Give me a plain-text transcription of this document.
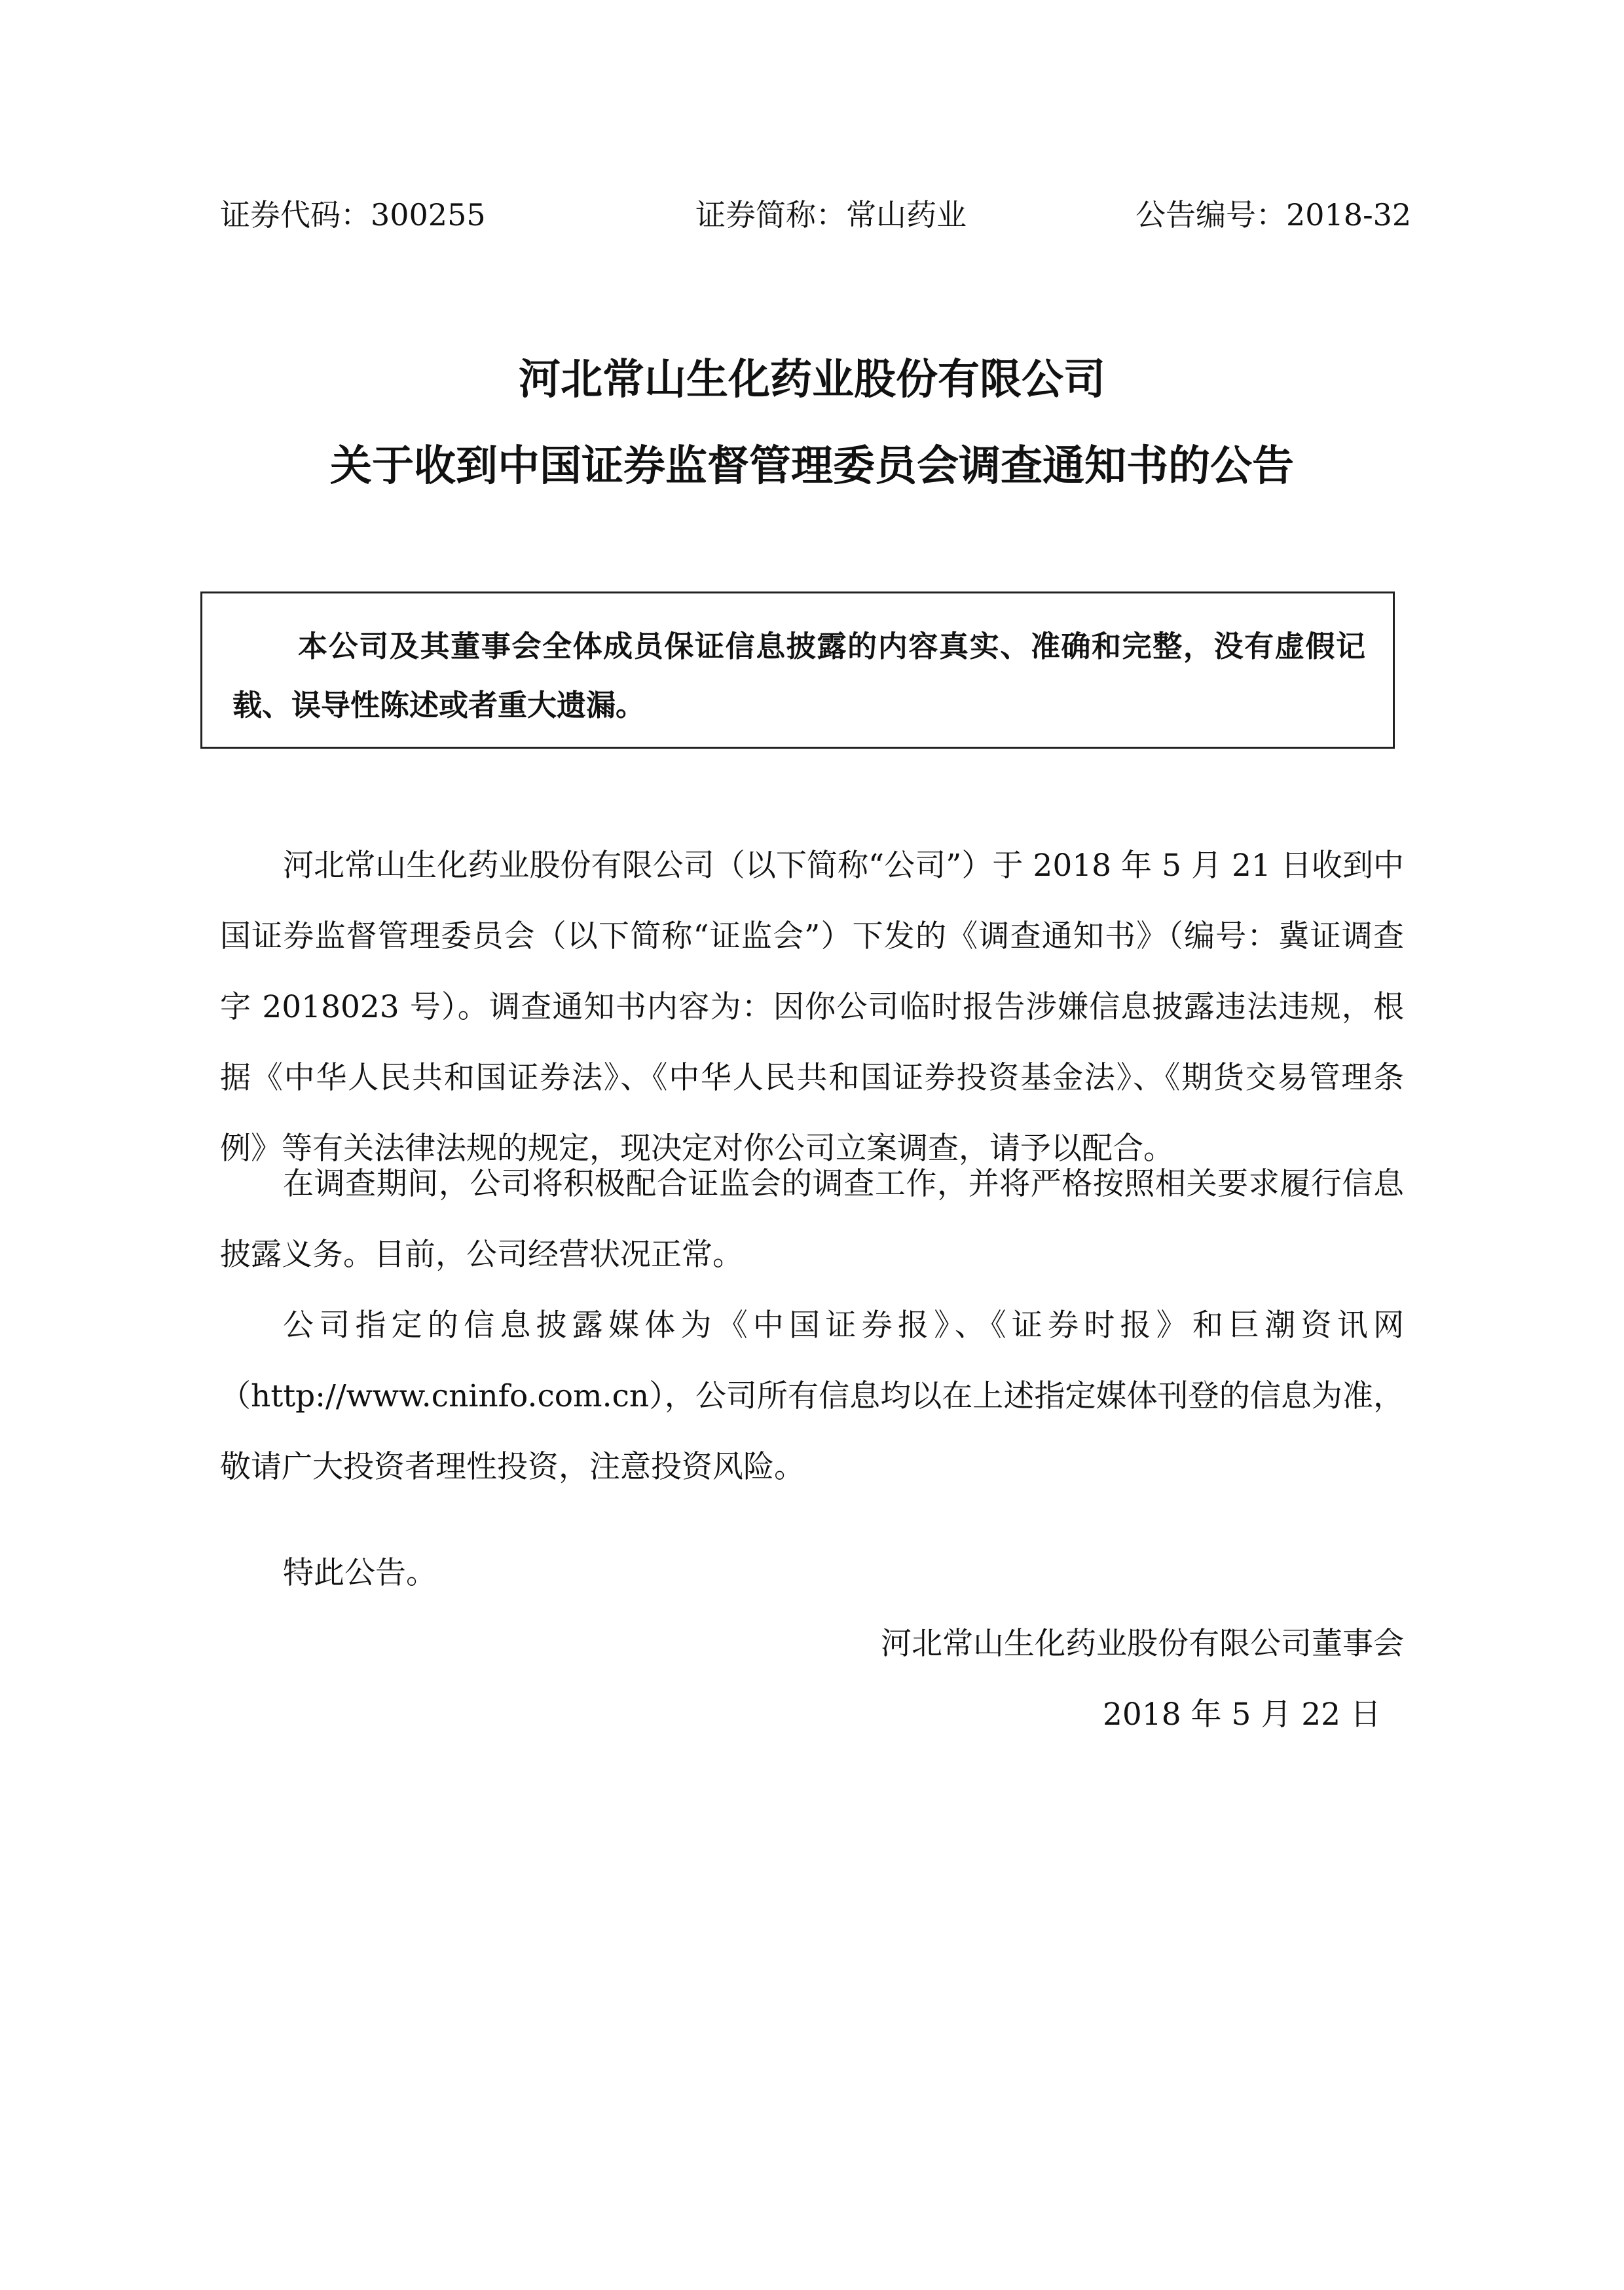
证券代码：300255	证券简称：常山药业	公告编号：2018-32
河北常山生化药业股份有限公司
关于收到中国证券监督管理委员会调查通知书的公告
本公司及其董事会全体成员保证信息披露的内容真实、准确和完整，没有虚假记载、误导性陈述或者重大遗漏。
河北常山生化药业股份有限公司（以下简称“公司”）于 2018 年 5 月 21 日收到中国证券监督管理委员会（以下简称“证监会”）下发的《调查通知书》（编号：冀证调查字 2018023 号）。调查通知书内容为：因你公司临时报告涉嫌信息披露违法违规，根据《中华人民共和国证券法》、《中华人民共和国证券投资基金法》、《期货交易管理条例》等有关法律法规的规定，现决定对你公司立案调查，请予以配合。
在调查期间，公司将积极配合证监会的调查工作，并将严格按照相关要求履行信息披露义务。目前，公司经营状况正常。
公司指定的信息披露媒体为《中国证券报》、《证券时报》和巨潮资讯网（http://www.cninfo.com.cn），公司所有信息均以在上述指定媒体刊登的信息为准，敬请广大投资者理性投资，注意投资风险。
特此公告。
河北常山生化药业股份有限公司董事会
2018 年 5 月 22 日
